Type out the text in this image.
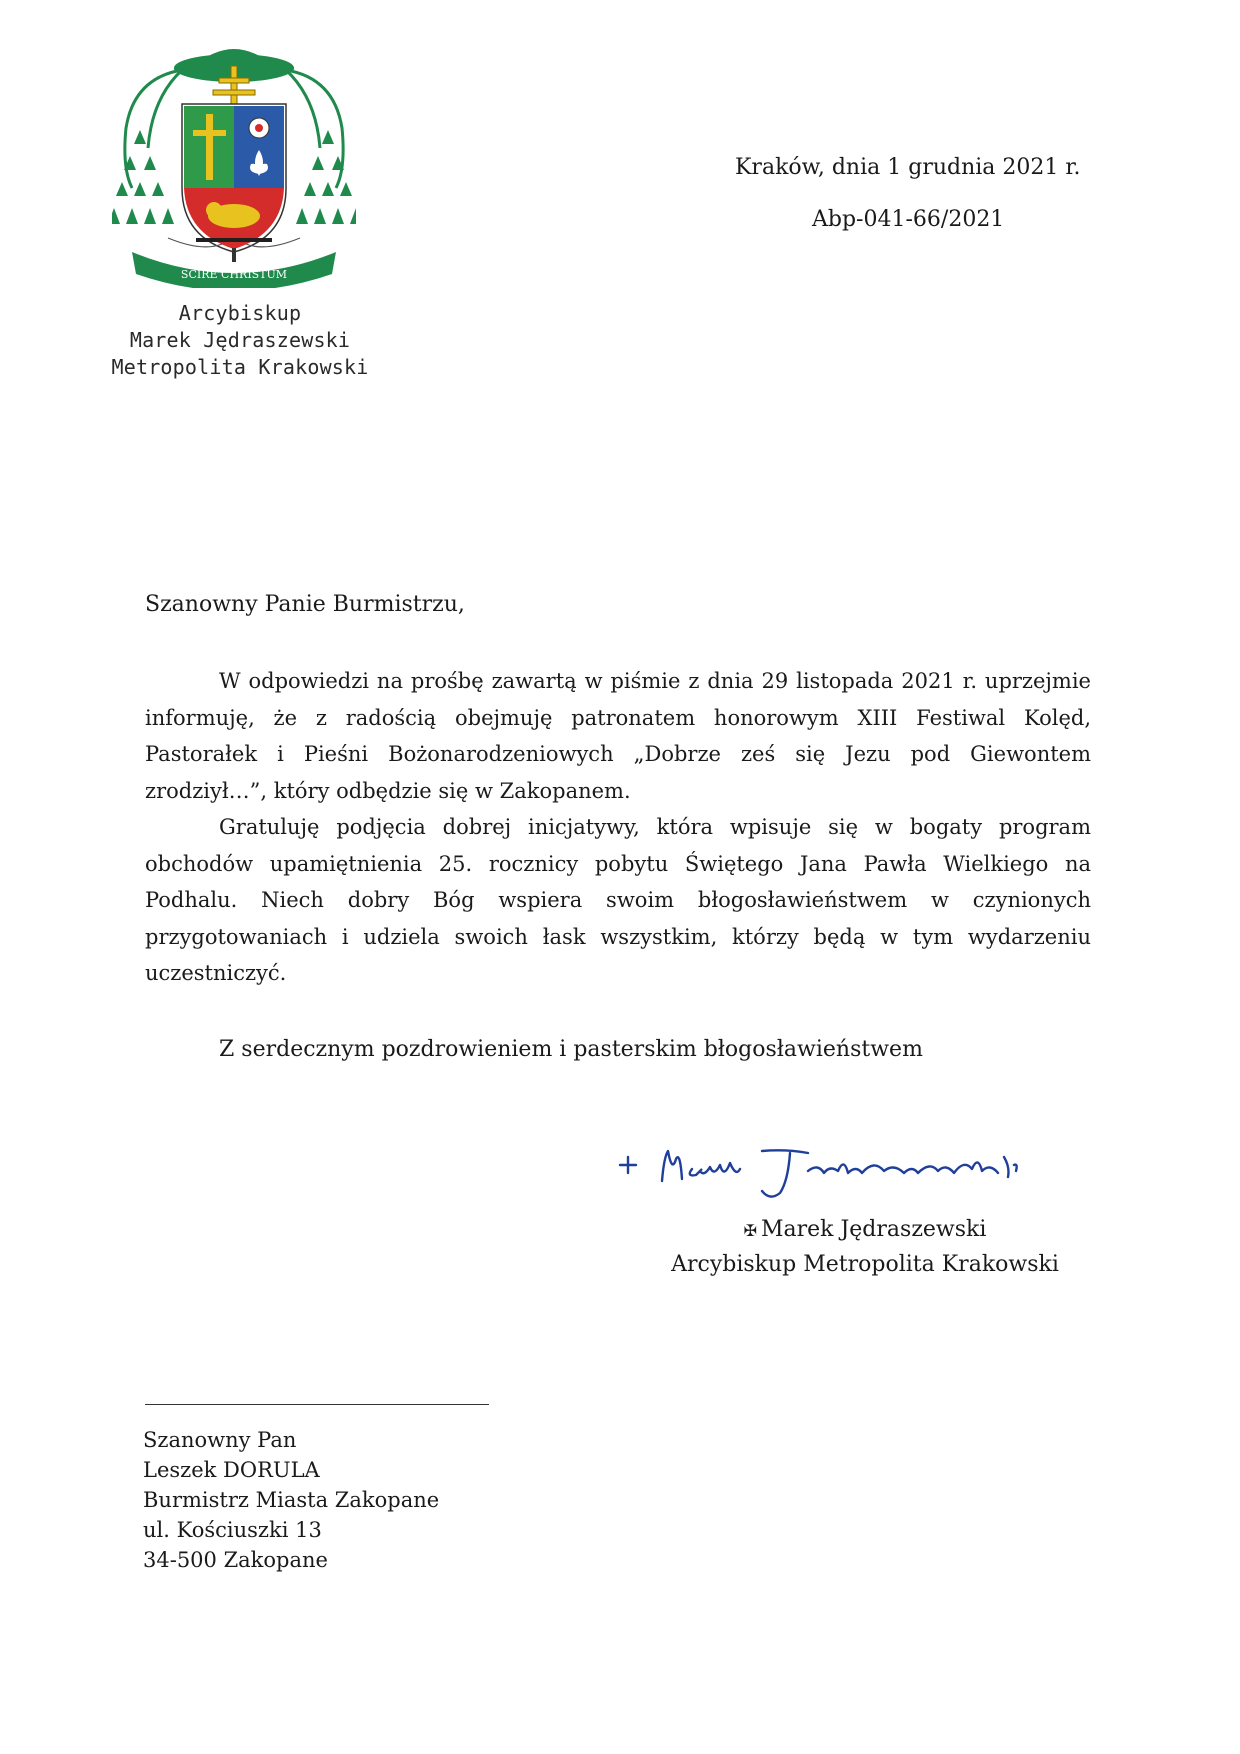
SCIRE CHRISTUM
Arcybiskup
Marek Jędraszewski
Metropolita Krakowski
Kraków, dnia 1 grudnia 2021 r.
Abp-041-66/2021
Szanowny Panie Burmistrzu,

W odpowiedzi na prośbę zawartą w piśmie z dnia 29 listopada 2021 r. uprzejmie informuję, że z radością obejmuję patronatem honorowym XIII Festiwal Kolęd, Pastorałek i Pieśni Bożonarodzeniowych „Dobrze ześ się Jezu pod Giewontem zrodziył…”, który odbędzie się w Zakopanem.

Gratuluję podjęcia dobrej inicjatywy, która wpisuje się w bogaty program obchodów upamiętnienia 25. rocznicy pobytu Świętego Jana Pawła Wielkiego na Podhalu. Niech dobry Bóg wspiera swoim błogosławieństwem w czynionych przygotowaniach i udziela swoich łask wszystkim, którzy będą w tym wydarzeniu uczestniczyć.

Z serdecznym pozdrowieniem i pasterskim błogosławieństwem
✠ Marek Jędraszewski
Arcybiskup Metropolita Krakowski
Szanowny Pan
Leszek DORULA
Burmistrz Miasta Zakopane
ul. Kościuszki 13
34-500 Zakopane
